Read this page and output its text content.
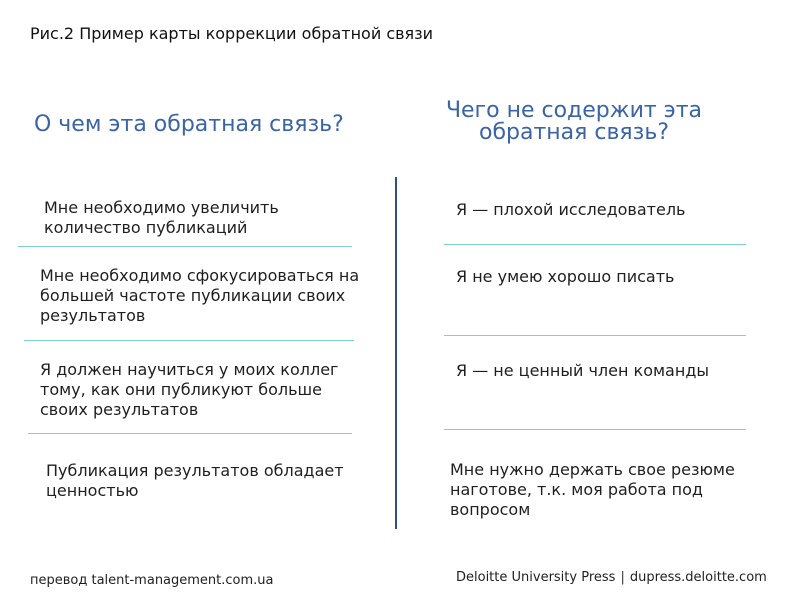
Рис.2 Пример карты коррекции обратной связи
О чем эта обратная связь?
Чего не содержит эта обратная связь?
Мне необходимо увеличить количество публикаций
Мне необходимо сфокусироваться на большей частоте публикации своих результатов
Я должен научиться у моих коллег тому, как они публикуют больше своих результатов
Публикация результатов обладает ценностью
Я — плохой исследователь
Я не умею хорошо писать
Я — не ценный член команды
Мне нужно держать свое резюме наготове, т.к. моя работа под вопросом
перевод talent-management.com.ua	Deloitte University Press | dupress.deloitte.com
